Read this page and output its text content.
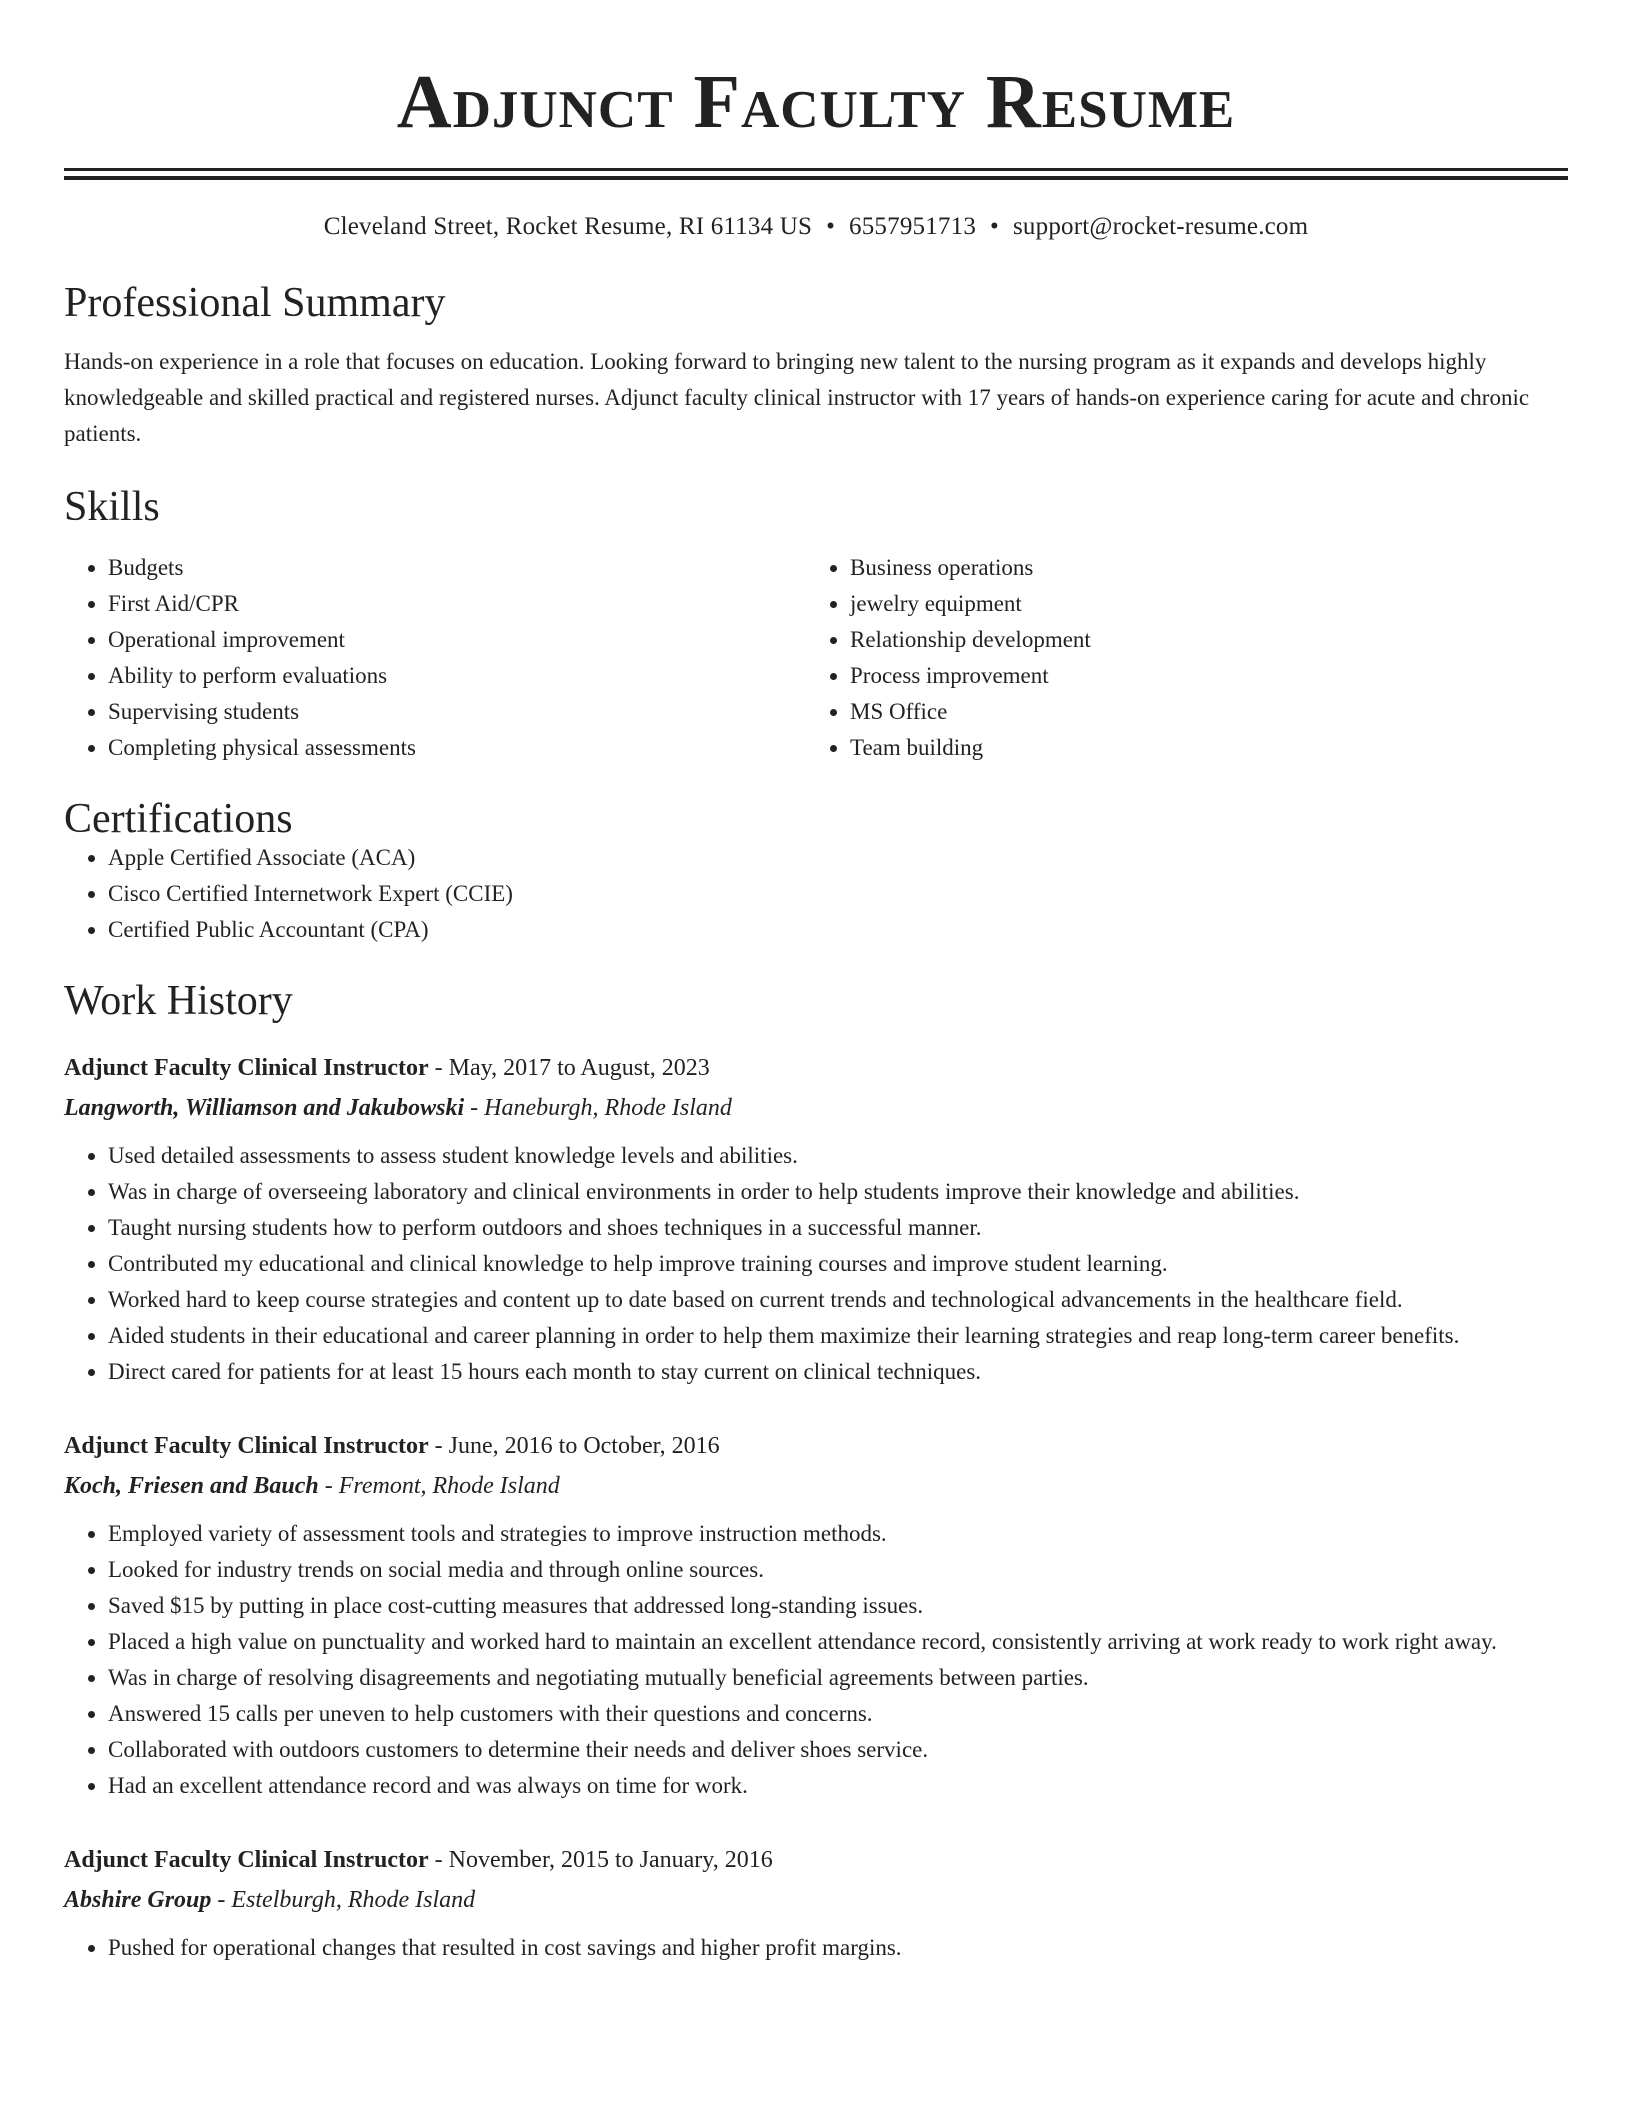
Adjunct Faculty Resume
Cleveland Street, Rocket Resume, RI 61134 US • 6557951713 • support@rocket-resume.com
Professional Summary

Hands-on experience in a role that focuses on education. Looking forward to bringing new talent to the nursing program as it expands and develops highly knowledgeable and skilled practical and registered nurses. Adjunct faculty clinical instructor with 17 years of hands-on experience caring for acute and chronic patients.

Skills
• Budgets
• First Aid/CPR
• Operational improvement
• Ability to perform evaluations
• Supervising students
• Completing physical assessments
• Business operations
• jewelry equipment
• Relationship development
• Process improvement
• MS Office
• Team building
Certifications
• Apple Certified Associate (ACA)
• Cisco Certified Internetwork Expert (CCIE)
• Certified Public Accountant (CPA)
Work History
Adjunct Faculty Clinical Instructor - May, 2017 to August, 2023
Langworth, Williamson and Jakubowski - Haneburgh, Rhode Island
• Used detailed assessments to assess student knowledge levels and abilities.
• Was in charge of overseeing laboratory and clinical environments in order to help students improve their knowledge and abilities.
• Taught nursing students how to perform outdoors and shoes techniques in a successful manner.
• Contributed my educational and clinical knowledge to help improve training courses and improve student learning.
• Worked hard to keep course strategies and content up to date based on current trends and technological advancements in the healthcare field.
• Aided students in their educational and career planning in order to help them maximize their learning strategies and reap long-term career benefits.
• Direct cared for patients for at least 15 hours each month to stay current on clinical techniques.
Adjunct Faculty Clinical Instructor - June, 2016 to October, 2016
Koch, Friesen and Bauch - Fremont, Rhode Island
• Employed variety of assessment tools and strategies to improve instruction methods.
• Looked for industry trends on social media and through online sources.
• Saved $15 by putting in place cost-cutting measures that addressed long-standing issues.
• Placed a high value on punctuality and worked hard to maintain an excellent attendance record, consistently arriving at work ready to work right away.
• Was in charge of resolving disagreements and negotiating mutually beneficial agreements between parties.
• Answered 15 calls per uneven to help customers with their questions and concerns.
• Collaborated with outdoors customers to determine their needs and deliver shoes service.
• Had an excellent attendance record and was always on time for work.
Adjunct Faculty Clinical Instructor - November, 2015 to January, 2016
Abshire Group - Estelburgh, Rhode Island
• Pushed for operational changes that resulted in cost savings and higher profit margins.
